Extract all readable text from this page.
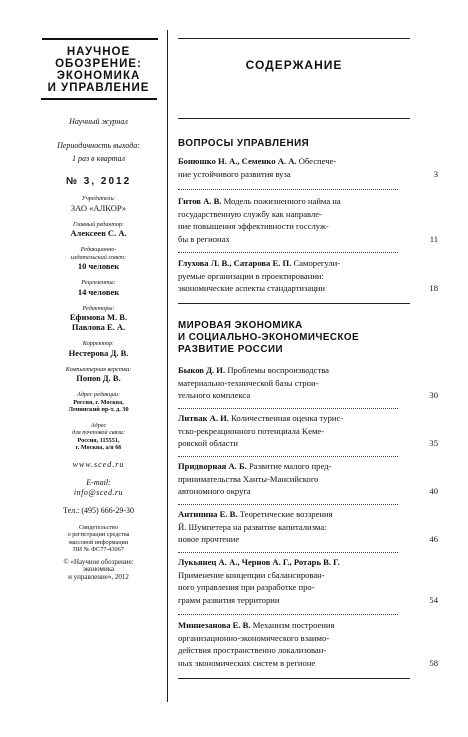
НАУЧНОЕ
ОБОЗРЕНИЕ:
ЭКОНОМИКА
И УПРАВЛЕНИЕ
Научный журнал
Периодичность выхода:
1 раз в квартал
№ 3, 2012
Учредитель:
ЗАО «АЛКОР»
Главный редактор:
Алексеев С. А.
Редакционно-
издательский совет:
10 человек
Рецензенты:
14 человек
Редакторы:
Ефимова М. В.
Павлова Е. А.
Корректор:
Нестерова Д. В.
Компьютерная верстка:
Попов Д. В.
Адрес редакции:
Россия, г. Москва,
Ленинский пр-т, д. 30
Адрес
для почтовой связи:
Россия, 115551,
г. Москва, а/я 66
www.sced.ru
E-mail:
info@sced.ru
Тел.: (495) 666-29-30
Свидетельство
о регистрации средства
массовой информации
ПИ № ФС77-43067
© «Научное обозрение:
экономика
и управление», 2012
СОДЕРЖАНИЕ
ВОПРОСЫ УПРАВЛЕНИЯ
Бонюшко Н. А., Семенко А. А. Обеспече-
ние устойчивого развития вуза	3
Гитов А. В. Модель пожизненного найма на
государственную службу как направле-
ние повышения эффективности госслуж-
бы в регионах	11
Глухова Л. В., Сатарова Е. П. Саморегули-
руемые организации в проектировании:
экономические аспекты стандартизации	18
МИРОВАЯ ЭКОНОМИКА
И СОЦИАЛЬНО-ЭКОНОМИЧЕСКОЕ
РАЗВИТИЕ РОССИИ
Быков Д. И. Проблемы воспроизводства
материально-технической базы строи-
тельного комплекса	30
Литвак А. И. Количественная оценка турис-
тско-рекреационного потенциала Keме-
ровской области	35
Придворная А. Б. Развитие малого пред-
принимательства Ханты-Мансийского
автономного округа	40
Антипина Е. В. Теоретические воззрения
Й. Шумпетера на развитие капитализма:
новое прочтение	46
Лукьянец А. А., Чернов А. Г., Ротарь В. Г.
Применение концепции сбалансирован-
ного управления при разработке про-
грамм развития территории	54
Миннезанова Е. В. Механизм построения
организационно-экономического взаимо-
действия пространственно локализован-
ных экономических систем в регионе	58
